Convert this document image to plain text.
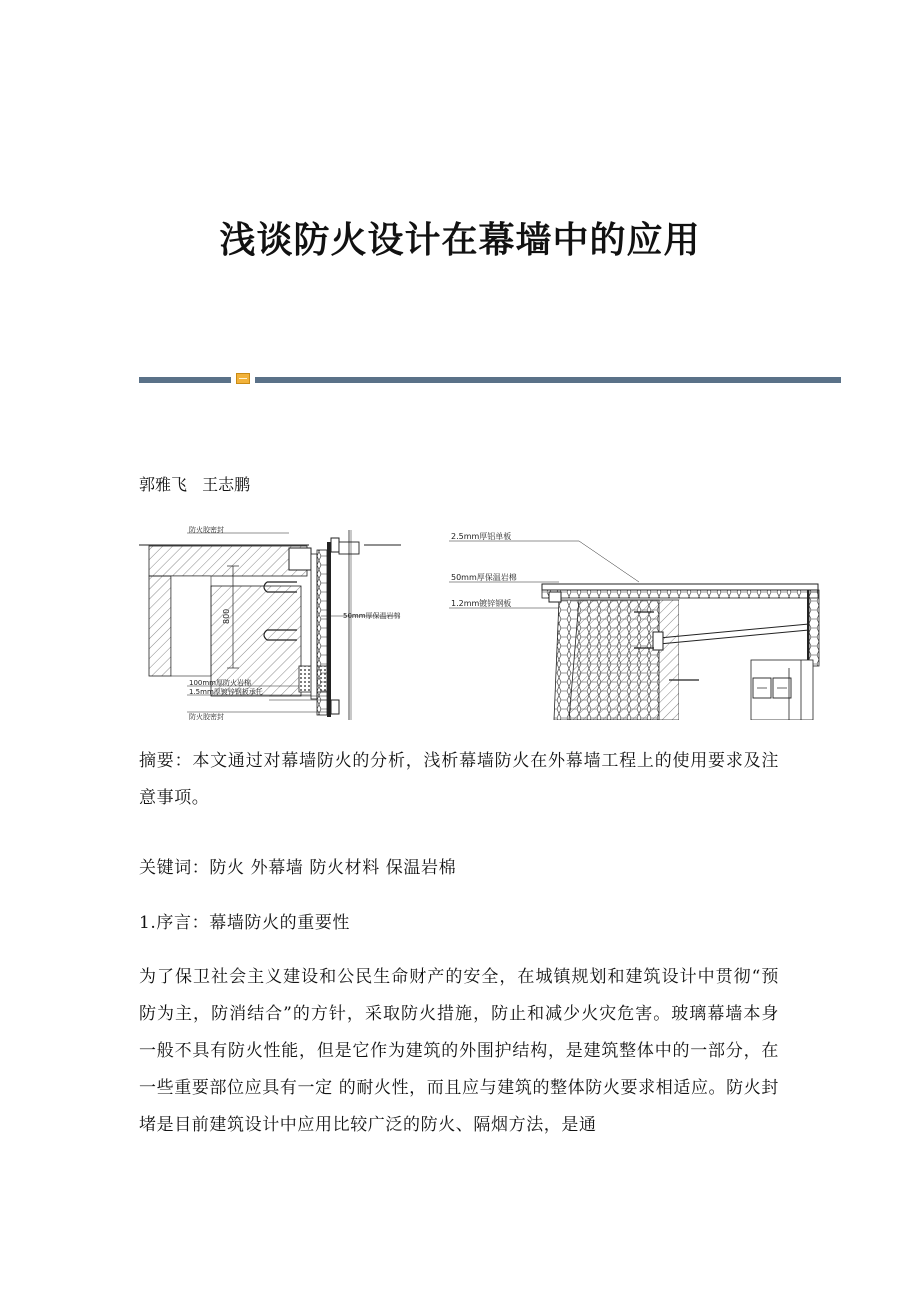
浅谈防火设计在幕墙中的应用

郭雅飞 王志鹏

防火胶密封
800	50mm厚保温岩棉
100mm厚防火岩棉
1.5mm厚镀锌钢板承托
防火胶密封
2.5mm厚铝单板
50mm厚保温岩棉
1.2mm镀锌钢板

摘要：本文通过对幕墙防火的分析，浅析幕墙防火在外幕墙工程上的使用要求及注意事项。

关键词：防火 外幕墙 防火材料 保温岩棉

1.序言：幕墙防火的重要性

为了保卫社会主义建设和公民生命财产的安全，在城镇规划和建筑设计中贯彻“预防为主，防消结合”的方针，采取防火措施，防止和减少火灾危害。玻璃幕墙本身一般不具有防火性能，但是它作为建筑的外围护结构，是建筑整体中的一部分，在一些重要部位应具有一定 的耐火性，而且应与建筑的整体防火要求相适应。防火封堵是目前建筑设计中应用比较广泛的防火、隔烟方法，是通
